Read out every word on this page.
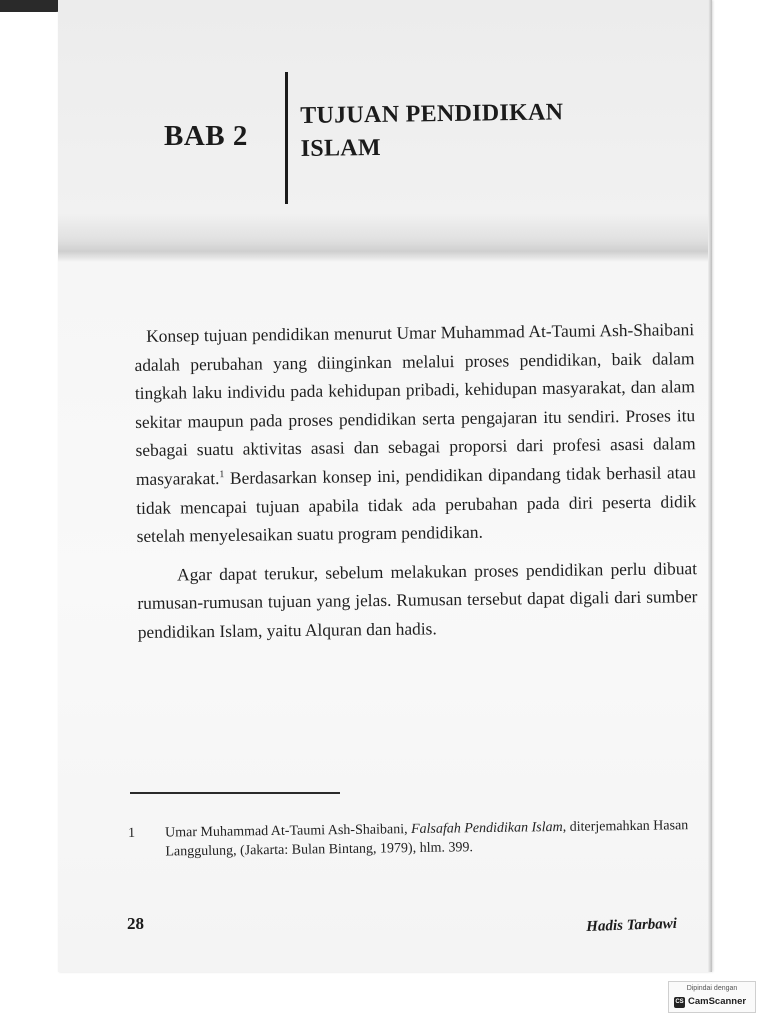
BAB 2
TUJUAN PENDIDIKAN
ISLAM

Konsep tujuan pendidikan menurut Umar Muhammad At-Taumi Ash-Shaibani adalah perubahan yang diinginkan melalui proses pendidikan, baik dalam tingkah laku individu pada kehidupan pribadi, kehidupan masyarakat, dan alam sekitar maupun pada proses pendidikan serta pengajaran itu sendiri. Proses itu sebagai suatu aktivitas asasi dan sebagai proporsi dari profesi asasi dalam masyarakat.$^1$ Berdasarkan konsep ini, pendidikan dipandang tidak berhasil atau tidak mencapai tujuan apabila tidak ada perubahan pada diri peserta didik setelah menyelesaikan suatu program pendidikan.

Agar dapat terukur, sebelum melakukan proses pendidikan perlu dibuat rumusan-rumusan tujuan yang jelas. Rumusan tersebut dapat digali dari sumber pendidikan Islam, yaitu Alquran dan hadis.

1 Umar Muhammad At-Taumi Ash-Shaibani, Falsafah Pendidikan Islam, diterjemahkan Hasan Langgulung, (Jakarta: Bulan Bintang, 1979), hlm. 399.
28	Hadis Tarbawi
Dipindai dengan
CS CamScanner
